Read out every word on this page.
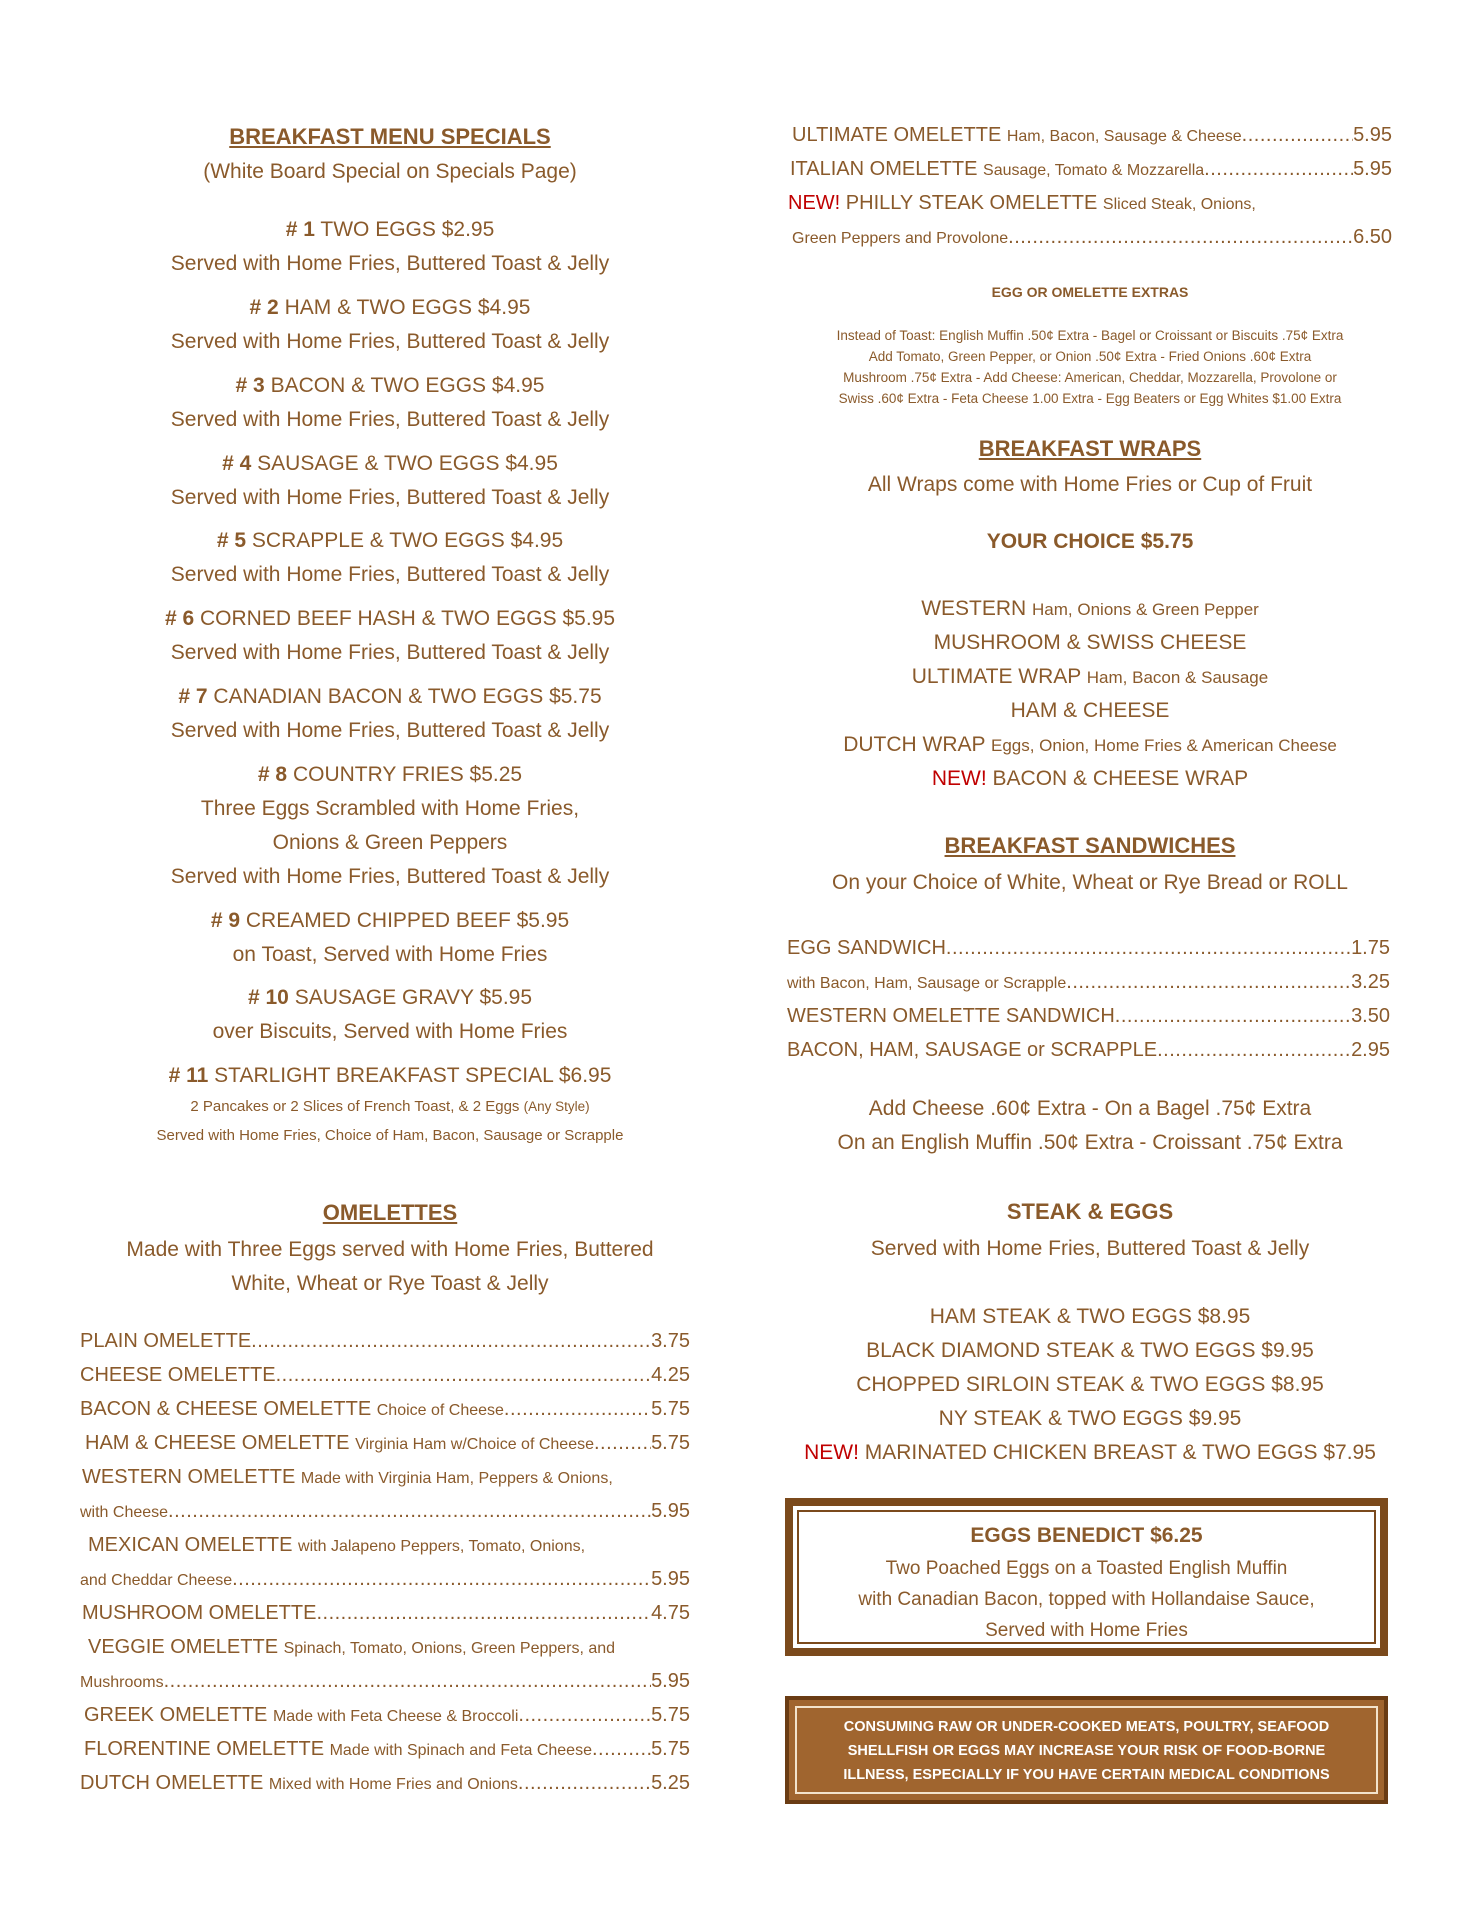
BREAKFAST MENU SPECIALS
(White Board Special on Specials Page)
# 1 TWO EGGS $2.95
Served with Home Fries, Buttered Toast & Jelly
# 2 HAM & TWO EGGS $4.95
Served with Home Fries, Buttered Toast & Jelly
# 3 BACON & TWO EGGS $4.95
Served with Home Fries, Buttered Toast & Jelly
# 4 SAUSAGE & TWO EGGS $4.95
Served with Home Fries, Buttered Toast & Jelly
# 5 SCRAPPLE & TWO EGGS $4.95
Served with Home Fries, Buttered Toast & Jelly
# 6 CORNED BEEF HASH & TWO EGGS $5.95
Served with Home Fries, Buttered Toast & Jelly
# 7 CANADIAN BACON & TWO EGGS $5.75
Served with Home Fries, Buttered Toast & Jelly
# 8 COUNTRY FRIES $5.25
Three Eggs Scrambled with Home Fries,
Onions & Green Peppers
Served with Home Fries, Buttered Toast & Jelly
# 9 CREAMED CHIPPED BEEF $5.95
on Toast, Served with Home Fries
# 10 SAUSAGE GRAVY $5.95
over Biscuits, Served with Home Fries
# 11 STARLIGHT BREAKFAST SPECIAL $6.95
2 Pancakes or 2 Slices of French Toast, & 2 Eggs (Any Style)
Served with Home Fries, Choice of Ham, Bacon, Sausage or Scrapple
OMELETTES
Made with Three Eggs served with Home Fries, Buttered
White, Wheat or Rye Toast & Jelly
PLAIN OMELETTE .....	3.75
CHEESE OMELETTE .....	4.25
BACON & CHEESE OMELETTE
Choice of Cheese .....	5.75
HAM & CHEESE OMELETTE
Virginia Ham w/Choice of Cheese .....	5.75
WESTERN OMELETTE
Made with Virginia Ham, Peppers & Onions,
with Cheese .....	5.95
MEXICAN OMELETTE
with Jalapeno Peppers, Tomato, Onions,
and Cheddar Cheese .....	5.95
MUSHROOM OMELETTE .....	4.75
VEGGIE OMELETTE
Spinach, Tomato, Onions, Green Peppers, and
Mushrooms .....	5.95
GREEK OMELETTE
Made with Feta Cheese & Broccoli .....	5.75
FLORENTINE OMELETTE
Made with Spinach and Feta Cheese .....	5.75
DUTCH OMELETTE
Mixed with Home Fries and Onions .....	5.25
ULTIMATE OMELETTE
Ham, Bacon, Sausage & Cheese .....	5.95
ITALIAN OMELETTE
Sausage, Tomato & Mozzarella .....	5.95
NEW!
PHILLY STEAK OMELETTE
Sliced Steak, Onions,
Green Peppers and Provolone .....	6.50
EGG OR OMELETTE EXTRAS
Instead of Toast: English Muffin .50¢ Extra - Bagel or Croissant or Biscuits .75¢ Extra
Add Tomato, Green Pepper, or Onion .50¢ Extra - Fried Onions .60¢ Extra
Mushroom .75¢ Extra - Add Cheese: American, Cheddar, Mozzarella, Provolone or
Swiss .60¢ Extra - Feta Cheese 1.00 Extra - Egg Beaters or Egg Whites $1.00 Extra
BREAKFAST WRAPS
All Wraps come with Home Fries or Cup of Fruit
YOUR CHOICE $5.75
WESTERN Ham, Onions & Green Pepper
MUSHROOM & SWISS CHEESE
ULTIMATE WRAP Ham, Bacon & Sausage
HAM & CHEESE
DUTCH WRAP Eggs, Onion, Home Fries & American Cheese
NEW! BACON & CHEESE WRAP
BREAKFAST SANDWICHES
On your Choice of White, Wheat or Rye Bread or ROLL
EGG SANDWICH .....	1.75
with Bacon, Ham, Sausage or Scrapple .....	3.25
WESTERN OMELETTE SANDWICH .....	3.50
BACON, HAM, SAUSAGE or SCRAPPLE .....	2.95
Add Cheese .60¢ Extra - On a Bagel .75¢ Extra
On an English Muffin .50¢ Extra - Croissant .75¢ Extra
STEAK & EGGS
Served with Home Fries, Buttered Toast & Jelly
HAM STEAK & TWO EGGS $8.95
BLACK DIAMOND STEAK & TWO EGGS $9.95
CHOPPED SIRLOIN STEAK & TWO EGGS $8.95
NY STEAK & TWO EGGS $9.95
NEW! MARINATED CHICKEN BREAST & TWO EGGS $7.95
EGGS BENEDICT $6.25
Two Poached Eggs on a Toasted English Muffin
with Canadian Bacon, topped with Hollandaise Sauce,
Served with Home Fries
CONSUMING RAW OR UNDER-COOKED MEATS, POULTRY, SEAFOOD
SHELLFISH OR EGGS MAY INCREASE YOUR RISK OF FOOD-BORNE
ILLNESS, ESPECIALLY IF YOU HAVE CERTAIN MEDICAL CONDITIONS
